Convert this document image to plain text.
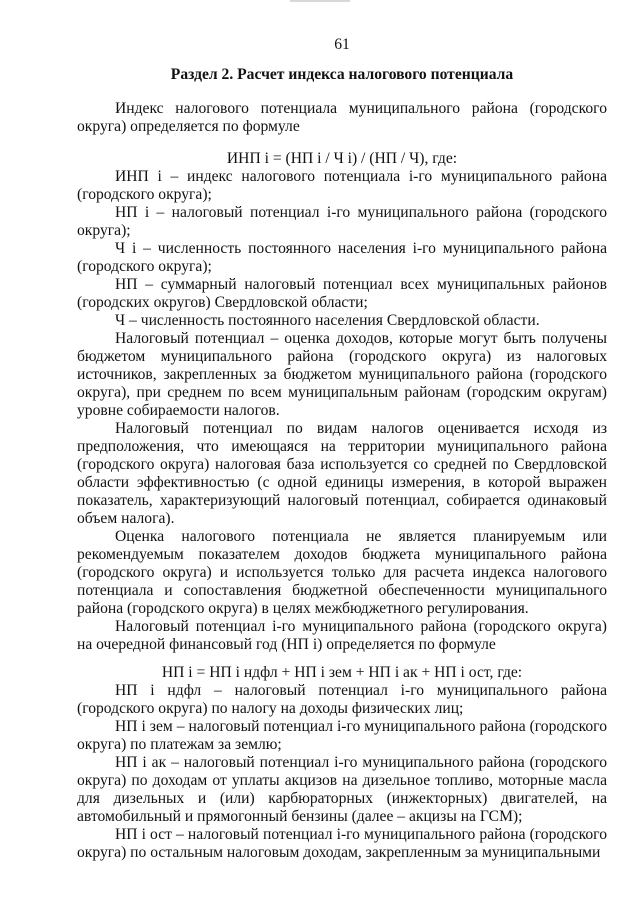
61
Раздел 2. Расчет индекса налогового потенциала

Индекс налогового потенциала муниципального района (городского округа) определяется по формуле

ИНП i = (НП i / Ч i) / (НП / Ч), где:

ИНП i – индекс налогового потенциала i-го муниципального района (городского округа);

НП i – налоговый потенциал i-го муниципального района (городского округа);

Ч i – численность постоянного населения i-го муниципального района (городского округа);

НП – суммарный налоговый потенциал всех муниципальных районов (городских округов) Свердловской области;

Ч – численность постоянного населения Свердловской области.

Налоговый потенциал – оценка доходов, которые могут быть получены бюджетом муниципального района (городского округа) из налоговых источников, закрепленных за бюджетом муниципального района (городского округа), при среднем по всем муниципальным районам (городским округам) уровне собираемости налогов.

Налоговый потенциал по видам налогов оценивается исходя из предположения, что имеющаяся на территории муниципального района (городского округа) налоговая база используется со средней по Свердловской области эффективностью (с одной единицы измерения, в которой выражен показатель, характеризующий налоговый потенциал, собирается одинаковый объем налога).

Оценка налогового потенциала не является планируемым или рекомендуемым показателем доходов бюджета муниципального района (городского округа) и используется только для расчета индекса налогового потенциала и сопоставления бюджетной обеспеченности муниципального района (городского округа) в целях межбюджетного регулирования.

Налоговый потенциал i-го муниципального района (городского округа) на очередной финансовый год (НП i) определяется по формуле

НП i = НП i ндфл + НП i зем + НП i ак + НП i ост, где:

НП i ндфл – налоговый потенциал i-го муниципального района (городского округа) по налогу на доходы физических лиц;

НП i зем – налоговый потенциал i-го муниципального района (городского округа) по платежам за землю;

НП i ак – налоговый потенциал i-го муниципального района (городского округа) по доходам от уплаты акцизов на дизельное топливо, моторные масла для дизельных и (или) карбюраторных (инжекторных) двигателей, на автомобильный и прямогонный бензины (далее – акцизы на ГСМ);

НП i ост – налоговый потенциал i-го муниципального района (городского округа) по остальным налоговым доходам, закрепленным за муниципальными
